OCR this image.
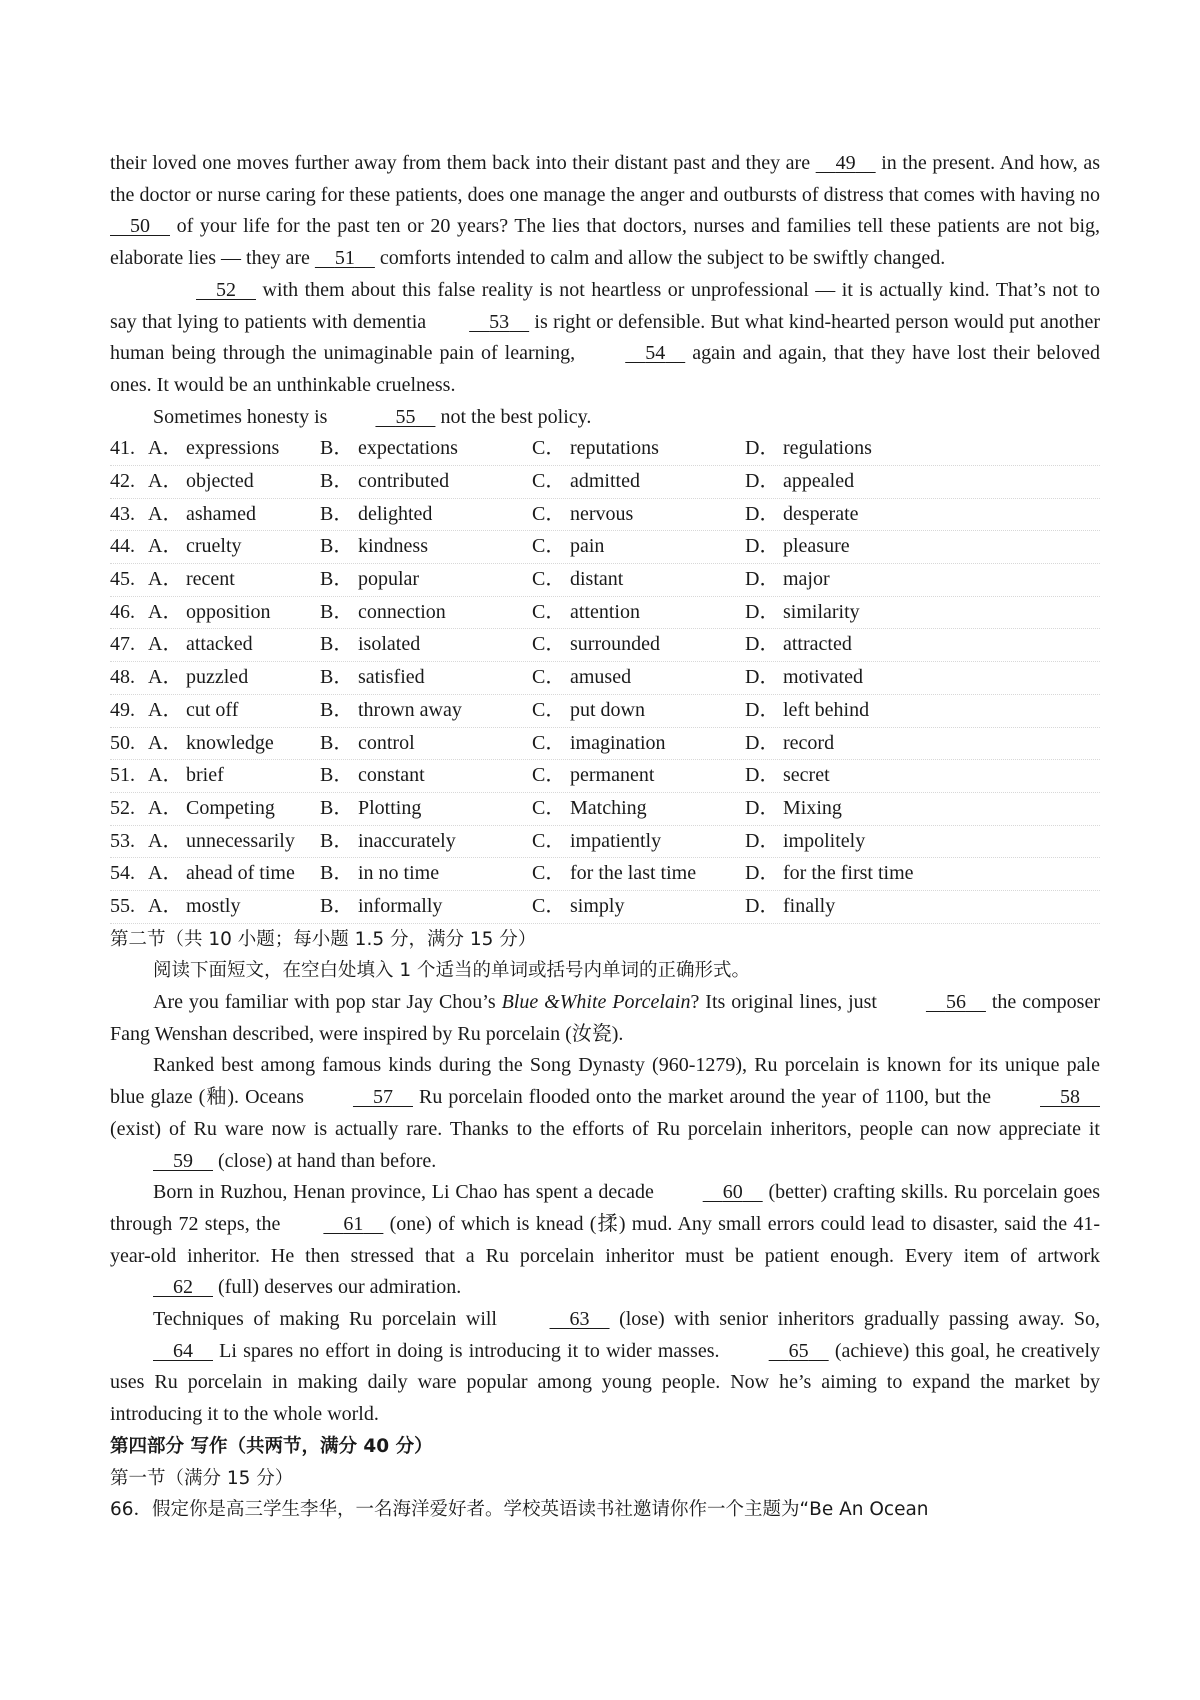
their loved one moves further away from them back into their distant past and they are     49     in the present. And how, as the doctor or nurse caring for these patients, does one manage the anger and outbursts of distress that comes with having no     50     of your life for the past ten or 20 years? The lies that doctors, nurses and families tell these patients are not big, elaborate lies — they are     51     comforts intended to calm and allow the subject to be swiftly changed.

52     with them about this false reality is not heartless or unprofessional — it is actually kind. That’s not to say that lying to patients with dementia	53     is right or defensible. But what kind-hearted person would put another human being through the unimaginable pain of learning,	54     again and again, that they have lost their beloved ones. It would be an unthinkable cruelness.

Sometimes honesty is	55     not the best policy.

41. A． expressions B． expectations	C． reputations	D． regulations
42. A． objected	B． contributed	C． admitted	D． appealed
43. A． ashamed	B． delighted	C． nervous	D． desperate
44. A． cruelty	B． kindness	C． pain	D． pleasure
45. A． recent	B． popular	C． distant	D． major
46. A． opposition B． connection	C． attention	D． similarity
47. A． attacked	B． isolated	C． surrounded	D． attracted
48. A． puzzled	B． satisfied	C． amused	D． motivated
49. A． cut off	B． thrown away	C． put down	D． left behind
50. A． knowledge B． control	C． imagination	D． record
51. A． brief	B． constant	C． permanent	D． secret
52. A． Competing B． Plotting	C． Matching	D． Mixing
53. A． unnecessarily B． inaccurately	C． impatiently	D． impolitely
54. A． ahead of time B． in no time	C． for the last time D． for the first time
55. A． mostly	B． informally	C． simply	D． finally
第二节（共 10 小题；每小题 1.5 分，满分 15 分）

阅读下面短文，在空白处填入 1 个适当的单词或括号内单词的正确形式。

Are you familiar with pop star Jay Chou’s Blue &White Porcelain? Its original lines, just	56     the composer Fang Wenshan described, were inspired by Ru porcelain (汝瓷).

Ranked best among famous kinds during the Song Dynasty (960-1279), Ru porcelain is known for its unique pale blue glaze (釉). Oceans	57     Ru porcelain flooded onto the market around the year of 1100, but the	58     (exist) of Ru ware now is actually rare. Thanks to the efforts of Ru porcelain inheritors, people can now appreciate it     59     (close) at hand than before.

Born in Ruzhou, Henan province, Li Chao has spent a decade	60     (better) crafting skills. Ru porcelain goes through 72 steps, the	61     (one) of which is knead (揉) mud. Any small errors could lead to disaster, said the 41-year-old inheritor. He then stressed that a Ru porcelain inheritor must be patient enough. Every item of artwork     62     (full) deserves our admiration.

Techniques of making Ru porcelain will	63     (lose) with senior inheritors gradually passing away. So,     64     Li spares no effort in doing is introducing it to wider masses.	65     (achieve) this goal, he creatively uses Ru porcelain in making daily ware popular among young people. Now he’s aiming to expand the market by introducing it to the whole world.

第四部分 写作（共两节，满分 40 分）
第一节（满分 15 分）
66．假定你是高三学生李华，一名海洋爱好者。学校英语读书社邀请你作一个主题为“Be An Ocean
